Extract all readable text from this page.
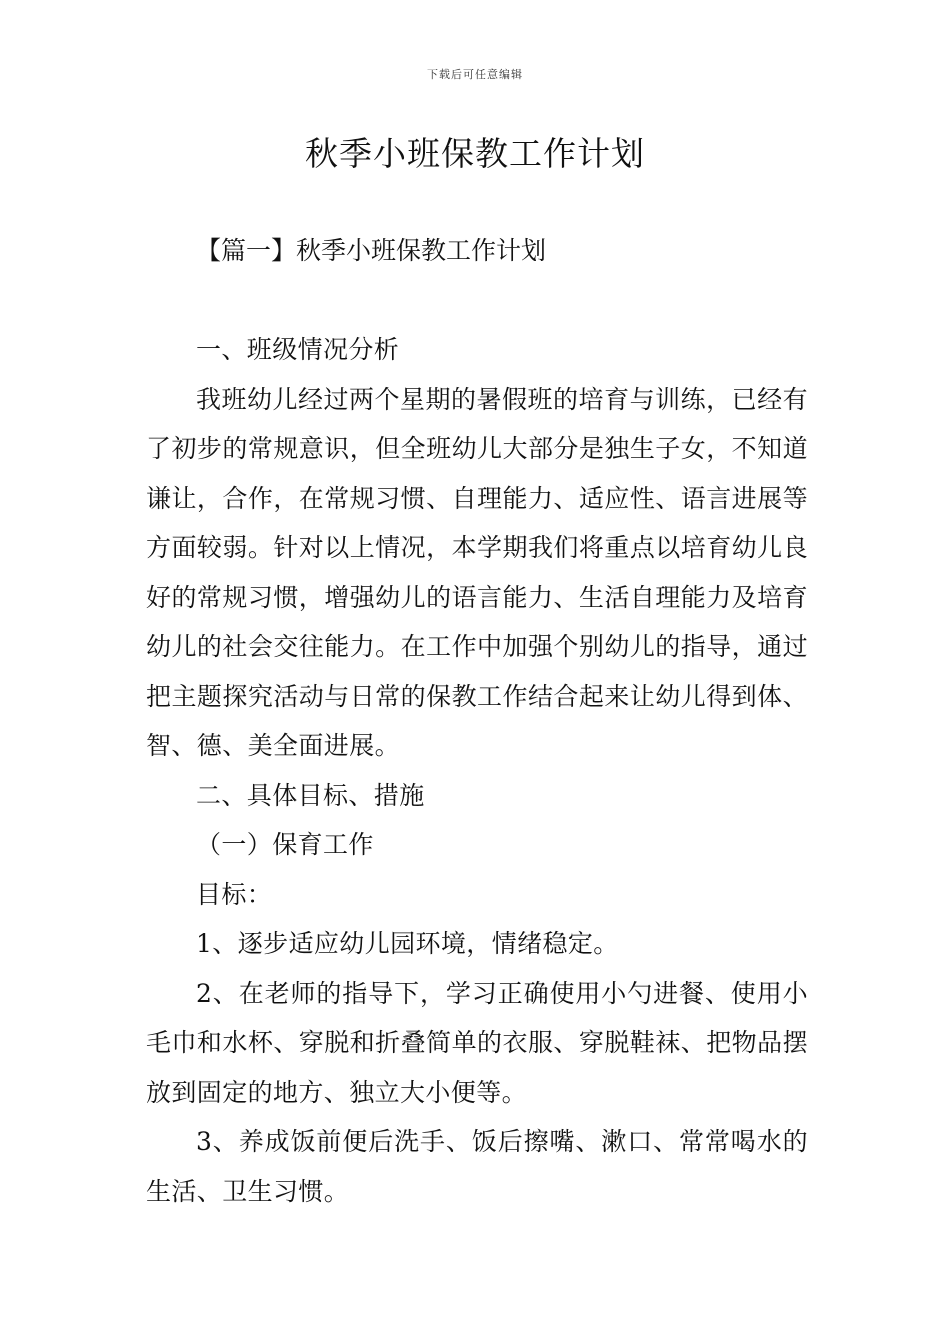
下载后可任意编辑
秋季小班保教工作计划
【篇一】秋季小班保教工作计划

一、班级情况分析

我班幼儿经过两个星期的暑假班的培育与训练，已经有了初步的常规意识，但全班幼儿大部分是独生子女，不知道谦让，合作，在常规习惯、自理能力、适应性、语言进展等方面较弱。针对以上情况，本学期我们将重点以培育幼儿良好的常规习惯，增强幼儿的语言能力、生活自理能力及培育幼儿的社会交往能力。在工作中加强个别幼儿的指导，通过把主题探究活动与日常的保教工作结合起来让幼儿得到体、智、德、美全面进展。

二、具体目标、措施

（一）保育工作

目标：

1、逐步适应幼儿园环境，情绪稳定。

2、在老师的指导下，学习正确使用小勺进餐、使用小毛巾和水杯、穿脱和折叠简单的衣服、穿脱鞋袜、把物品摆放到固定的地方、独立大小便等。

3、养成饭前便后洗手、饭后擦嘴、漱口、常常喝水的生活、卫生习惯。
